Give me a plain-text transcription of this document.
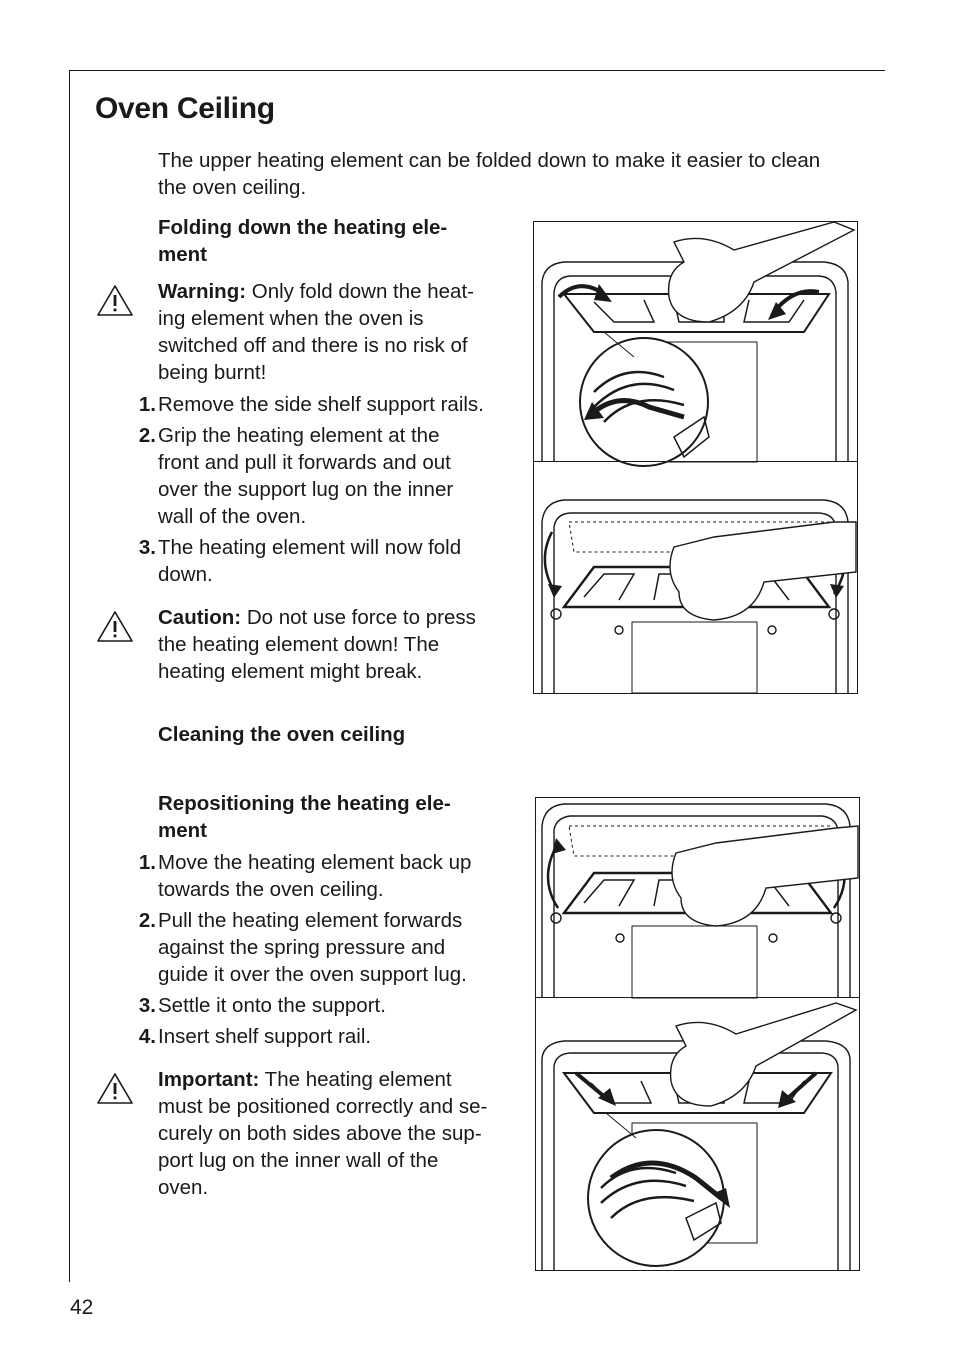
Oven Ceiling

The upper heating element can be folded down to make it easier to clean the oven ceiling.

Folding down the heating ele-
ment

Warning: Only fold down the heat-
ing element when the oven is
switched off and there is no risk of
being burnt!

1. Remove the side shelf support rails.
2. Grip the heating element at the
front and pull it forwards and out
over the support lug on the inner
wall of the oven.
3. The heating element will now fold
down.

Caution: Do not use force to press
the heating element down! The
heating element might break.

Cleaning the oven ceiling

Repositioning the heating ele-
ment

1. Move the heating element back up
towards the oven ceiling.
2. Pull the heating element forwards
against the spring pressure and
guide it over the oven support lug.
3. Settle it onto the support.
4. Insert shelf support rail.

Important: The heating element
must be positioned correctly and se-
curely on both sides above the sup-
port lug on the inner wall of the
oven.

42
